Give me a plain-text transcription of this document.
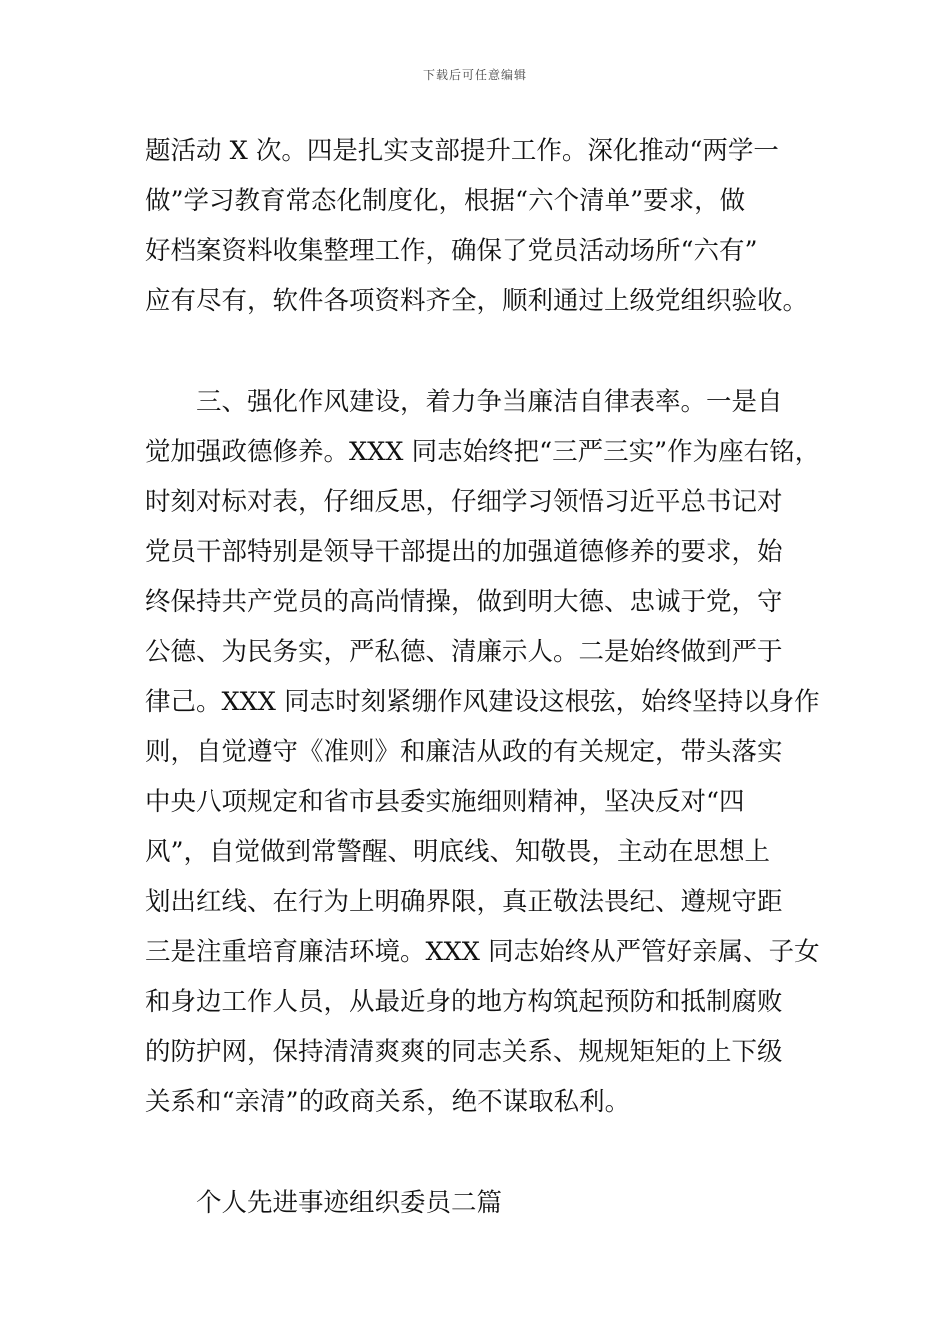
下载后可任意编辑
题活动 X 次。四是扎实支部提升工作。深化推动“两学一
做”学习教育常态化制度化，根据“六个清单”要求，做
好档案资料收集整理工作，确保了党员活动场所“六有”
应有尽有，软件各项资料齐全，顺利通过上级党组织验收。
　　三、强化作风建设，着力争当廉洁自律表率。一是自
觉加强政德修养。XXX 同志始终把“三严三实”作为座右铭，
时刻对标对表，仔细反思，仔细学习领悟习近平总书记对
党员干部特别是领导干部提出的加强道德修养的要求，始
终保持共产党员的高尚情操，做到明大德、忠诚于党，守
公德、为民务实，严私德、清廉示人。二是始终做到严于
律己。XXX 同志时刻紧绷作风建设这根弦，始终坚持以身作
则，自觉遵守《准则》和廉洁从政的有关规定，带头落实
中央八项规定和省市县委实施细则精神，坚决反对“四
风”，自觉做到常警醒、明底线、知敬畏，主动在思想上
划出红线、在行为上明确界限，真正敬法畏纪、遵规守距
三是注重培育廉洁环境。XXX 同志始终从严管好亲属、子女
和身边工作人员，从最近身的地方构筑起预防和抵制腐败
的防护网，保持清清爽爽的同志关系、规规矩矩的上下级
关系和“亲清”的政商关系，绝不谋取私利。
　　个人先进事迹组织委员二篇
